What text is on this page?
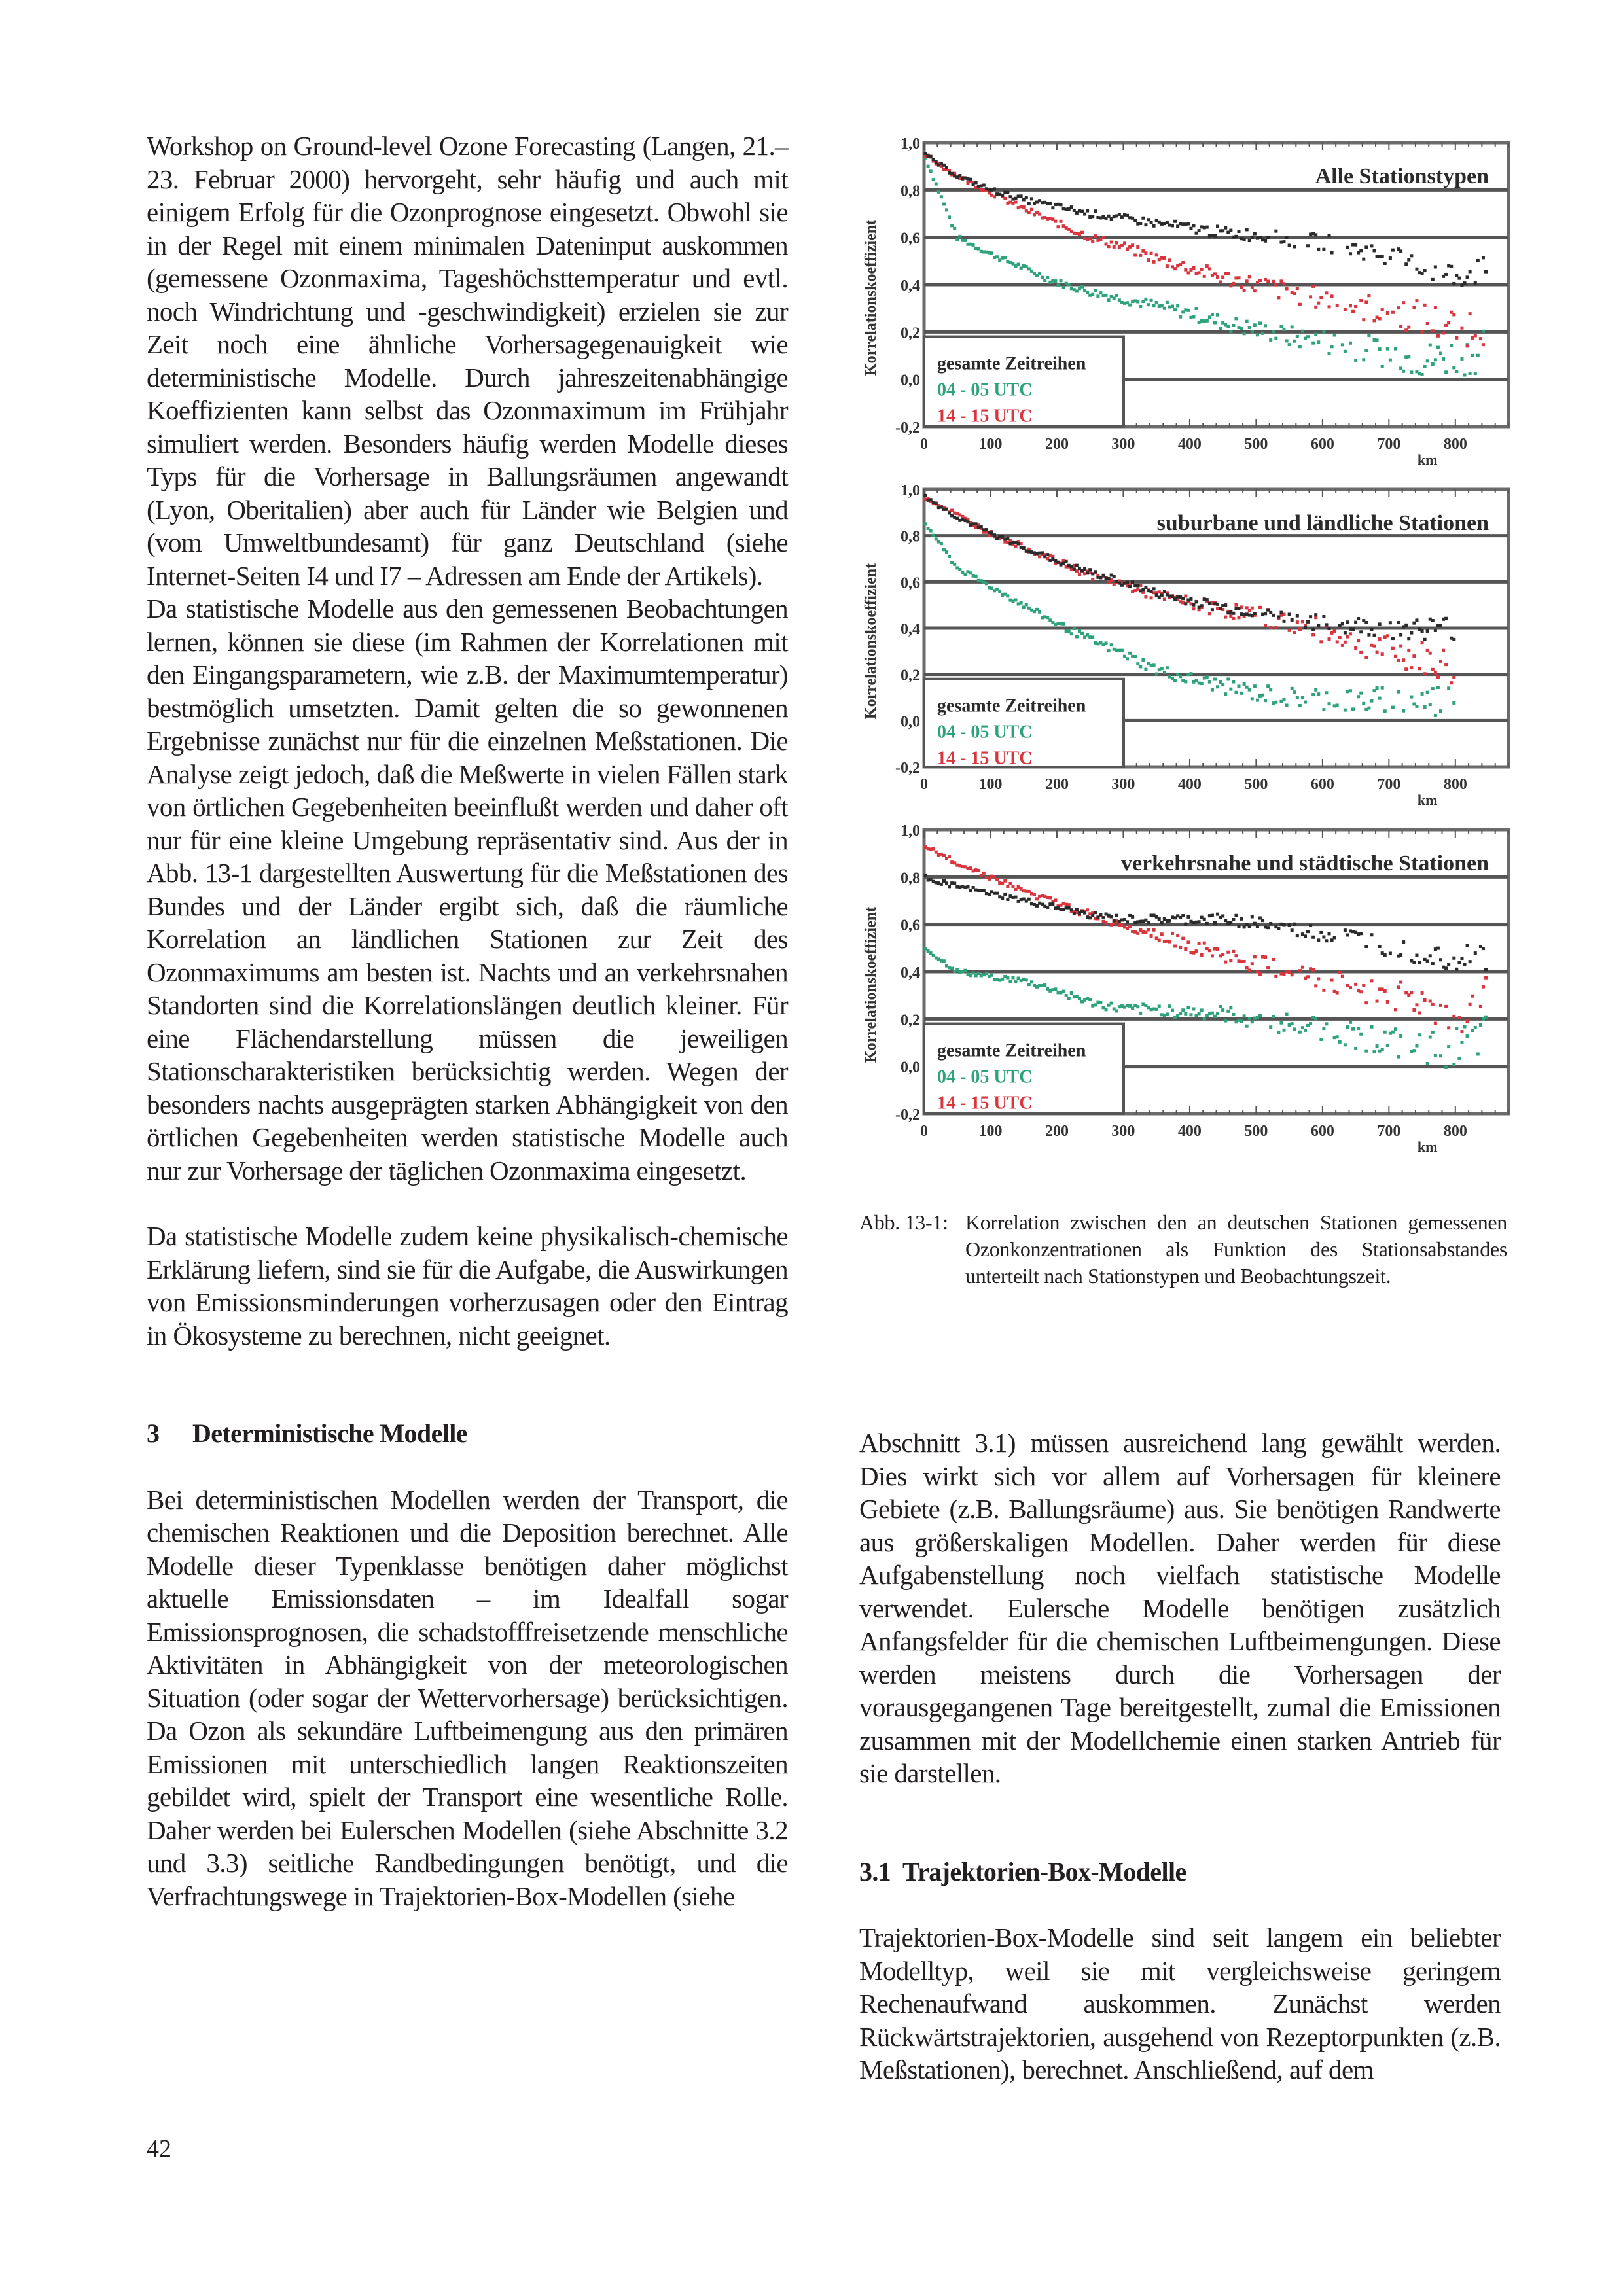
Workshop on Ground-level Ozone Forecasting (Langen, 21.–23. Februar 2000) hervorgeht, sehr häufig und auch mit einigem Erfolg für die Ozonprognose eingesetzt. Obwohl sie in der Regel mit einem minimalen Dateninput auskommen (gemessene Ozonmaxima, Tageshöchsttemperatur und evtl. noch Windrichtung und -geschwindigkeit) erzielen sie zur Zeit noch eine ähnliche Vorhersagegenauigkeit wie deterministische Modelle. Durch jahreszeitenabhängige Koeffizienten kann selbst das Ozonmaximum im Frühjahr simuliert werden. Besonders häufig werden Modelle dieses Typs für die Vorhersage in Ballungsräumen angewandt (Lyon, Oberitalien) aber auch für Länder wie Belgien und (vom Umweltbundesamt) für ganz Deutschland (siehe Internet-Seiten I4 und I7 – Adressen am Ende der Artikels).

Da statistische Modelle aus den gemessenen Beobachtungen lernen, können sie diese (im Rahmen der Korrelationen mit den Eingangsparametern, wie z.B. der Maximumtemperatur) bestmöglich umsetzten. Damit gelten die so gewonnenen Ergebnisse zunächst nur für die einzelnen Meßstationen. Die Analyse zeigt jedoch, daß die Meßwerte in vielen Fällen stark von örtlichen Gegebenheiten beeinflußt werden und daher oft nur für eine kleine Umgebung repräsentativ sind. Aus der in Abb. 13-1 dargestellten Auswertung für die Meßstationen des Bundes und der Länder ergibt sich, daß die räumliche Korrelation an ländlichen Stationen zur Zeit des Ozonmaximums am besten ist. Nachts und an verkehrsnahen Standorten sind die Korrelationslängen deutlich kleiner. Für eine Flächendarstellung müssen die jeweiligen Stationscharakteristiken berücksichtig werden. Wegen der besonders nachts ausgeprägten starken Abhängigkeit von den örtlichen Gegebenheiten werden statistische Modelle auch nur zur Vorhersage der täglichen Ozonmaxima eingesetzt.

Da statistische Modelle zudem keine physikalisch-chemische Erklärung liefern, sind sie für die Aufgabe, die Auswirkungen von Emissionsminderungen vorherzusagen oder den Eintrag in Ökosysteme zu berechnen, nicht geeignet.

3 Deterministische Modelle

Bei deterministischen Modellen werden der Transport, die chemischen Reaktionen und die Deposition berechnet. Alle Modelle dieser Typenklasse benötigen daher möglichst aktuelle Emissionsdaten – im Idealfall sogar Emissionsprognosen, die schadstofffreisetzende menschliche Aktivitäten in Abhängigkeit von der meteorologischen Situation (oder sogar der Wettervorhersage) berücksichtigen. Da Ozon als sekundäre Luftbeimengung aus den primären Emissionen mit unterschiedlich langen Reaktionszeiten gebildet wird, spielt der Transport eine wesentliche Rolle. Daher werden bei Eulerschen Modellen (siehe Abschnitte 3.2 und 3.3) seitliche Randbedingungen benötigt, und die Verfrachtungswege in Trajektorien-Box-Modellen (siehe

-0,2
0,0
0,2
0,4
0,6
0,8
1,0
0	100	200	300	400	500	600	700	800
km
Korrelationskoeffizient
Alle Stationstypen
gesamte Zeitreihen
04 - 05 UTC
14 - 15 UTC
-0,2
0,0
0,2
0,4
0,6
0,8
1,0
0	100	200	300	400	500	600	700	800
km
Korrelationskoeffizient
suburbane und ländliche Stationen
gesamte Zeitreihen
04 - 05 UTC
14 - 15 UTC
-0,2
0,0
0,2
0,4
0,6
0,8
1,0
0	100	200	300	400	500	600	700	800
km
Korrelationskoeffizient
verkehrsnahe und städtische Stationen
gesamte Zeitreihen
04 - 05 UTC
14 - 15 UTC
Abb. 13-1: Korrelation zwischen den an deutschen Stationen gemessenen Ozonkonzentrationen als Funktion des Stationsabstandes unterteilt nach Stationstypen und Beobachtungszeit.

Abschnitt 3.1) müssen ausreichend lang gewählt werden. Dies wirkt sich vor allem auf Vorhersagen für kleinere Gebiete (z.B. Ballungsräume) aus. Sie benötigen Randwerte aus größerskaligen Modellen. Daher werden für diese Aufgabenstellung noch vielfach statistische Modelle verwendet. Eulersche Modelle benötigen zusätzlich Anfangsfelder für die chemischen Luftbeimengungen. Diese werden meistens durch die Vorhersagen der vorausgegangenen Tage bereitgestellt, zumal die Emissionen zusammen mit der Modellchemie einen starken Antrieb für sie darstellen.

3.1 Trajektorien-Box-Modelle

Trajektorien-Box-Modelle sind seit langem ein beliebter Modelltyp, weil sie mit vergleichsweise geringem Rechenaufwand auskommen. Zunächst werden Rückwärtstrajektorien, ausgehend von Rezeptorpunkten (z.B. Meßstationen), berechnet. Anschließend, auf dem

42
